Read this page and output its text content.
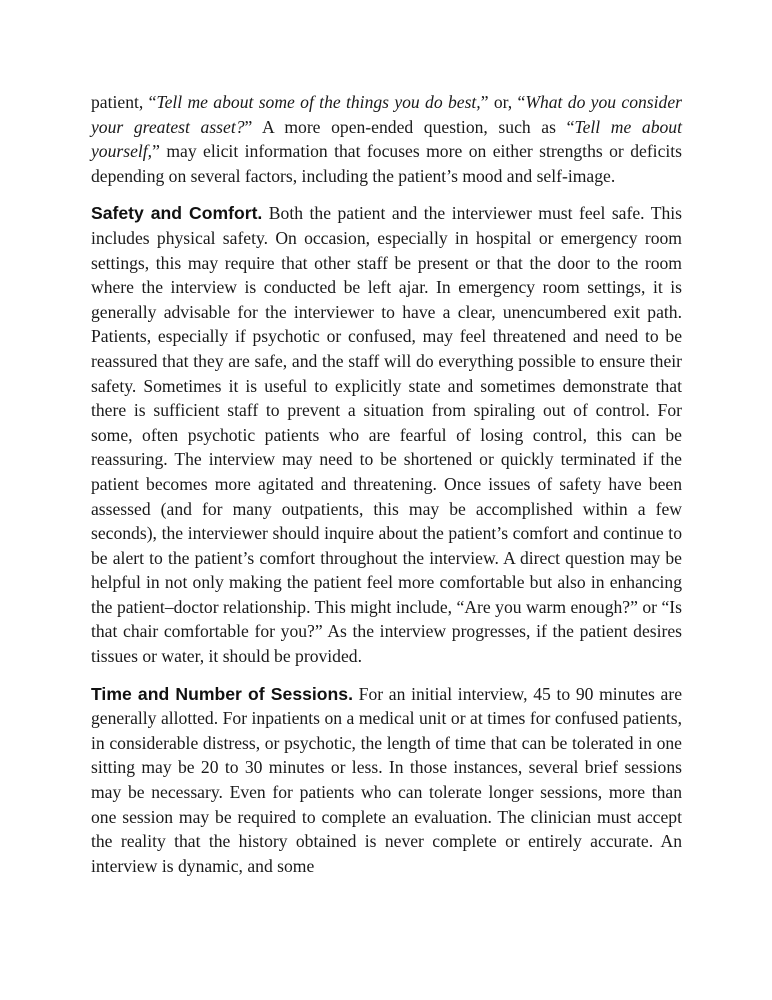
patient, “Tell me about some of the things you do best,” or, “What do you consider your greatest asset?” A more open-ended question, such as “Tell me about yourself,” may elicit information that focuses more on either strengths or deficits depending on several factors, including the patient’s mood and self-image.

Safety and Comfort. Both the patient and the interviewer must feel safe. This includes physical safety. On occasion, especially in hospital or emergency room settings, this may require that other staff be present or that the door to the room where the interview is conducted be left ajar. In emergency room settings, it is generally advisable for the interviewer to have a clear, unencumbered exit path. Patients, especially if psychotic or confused, may feel threatened and need to be reassured that they are safe, and the staff will do everything possible to ensure their safety. Sometimes it is useful to explicitly state and sometimes demonstrate that there is sufficient staff to prevent a situation from spiraling out of control. For some, often psychotic patients who are fearful of losing control, this can be reassuring. The interview may need to be shortened or quickly terminated if the patient becomes more agitated and threatening. Once issues of safety have been assessed (and for many outpatients, this may be accomplished within a few seconds), the interviewer should inquire about the patient’s comfort and continue to be alert to the patient’s comfort throughout the interview. A direct question may be helpful in not only making the patient feel more comfortable but also in enhancing the patient–doctor relationship. This might include, “Are you warm enough?” or “Is that chair comfortable for you?” As the interview progresses, if the patient desires tissues or water, it should be provided.

Time and Number of Sessions. For an initial interview, 45 to 90 minutes are generally allotted. For inpatients on a medical unit or at times for confused patients, in considerable distress, or psychotic, the length of time that can be tolerated in one sitting may be 20 to 30 minutes or less. In those instances, several brief sessions may be necessary. Even for patients who can tolerate longer sessions, more than one session may be required to complete an evaluation. The clinician must accept the reality that the history obtained is never complete or entirely accurate. An interview is dynamic, and some
